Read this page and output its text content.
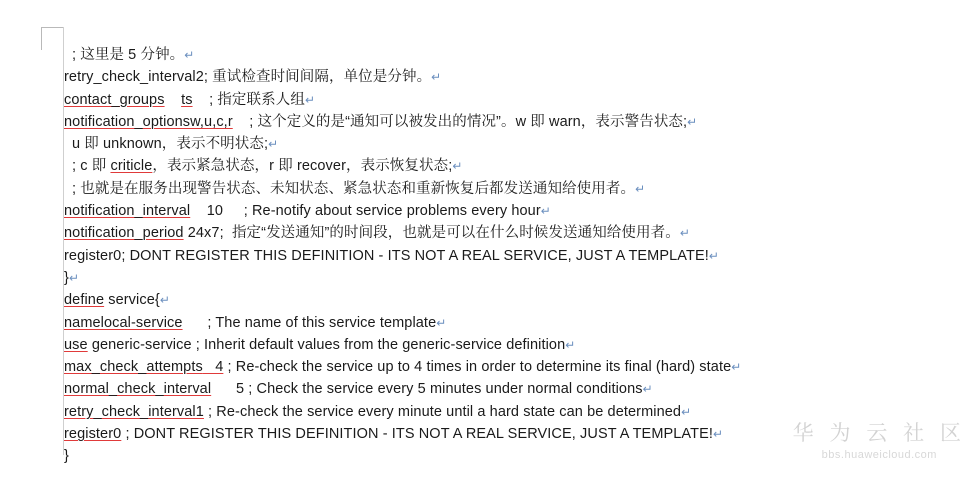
; 这里是 5 分钟。↵
retry_check_interval2; 重试检查时间间隔，单位是分钟。↵
contact_groups ts    ; 指定联系人组↵
notification_optionsw,u,c,r    ; 这个定义的是“通知可以被发出的情况”。w 即 warn，表示警告状态;↵
u 即 unknown，表示不明状态;↵
; c 即 criticle，表示紧急状态，r 即 recover，表示恢复状态;↵
; 也就是在服务出现警告状态、未知状态、紧急状态和重新恢复后都发送通知给使用者。↵
notification_interval    10     ; Re-notify about service problems every hour↵
notification_period 24x7;  指定“发送通知”的时间段，也就是可以在什么时候发送通知给使用者。↵
register0; DONT REGISTER THIS DEFINITION - ITS NOT A REAL SERVICE, JUST A TEMPLATE!↵
}↵
define service{↵
namelocal-service      ; The name of this service template↵
use generic-service ; Inherit default values from the generic-service definition↵
max_check_attempts   4 ; Re-check the service up to 4 times in order to determine its final (hard) state↵
normal_check_interval      5 ; Check the service every 5 minutes under normal conditions↵
retry_check_interval1 ; Re-check the service every minute until a hard state can be determined↵
register0 ; DONT REGISTER THIS DEFINITION - ITS NOT A REAL SERVICE, JUST A TEMPLATE!↵
}
华 为 云 社 区
bbs.huaweicloud.com
